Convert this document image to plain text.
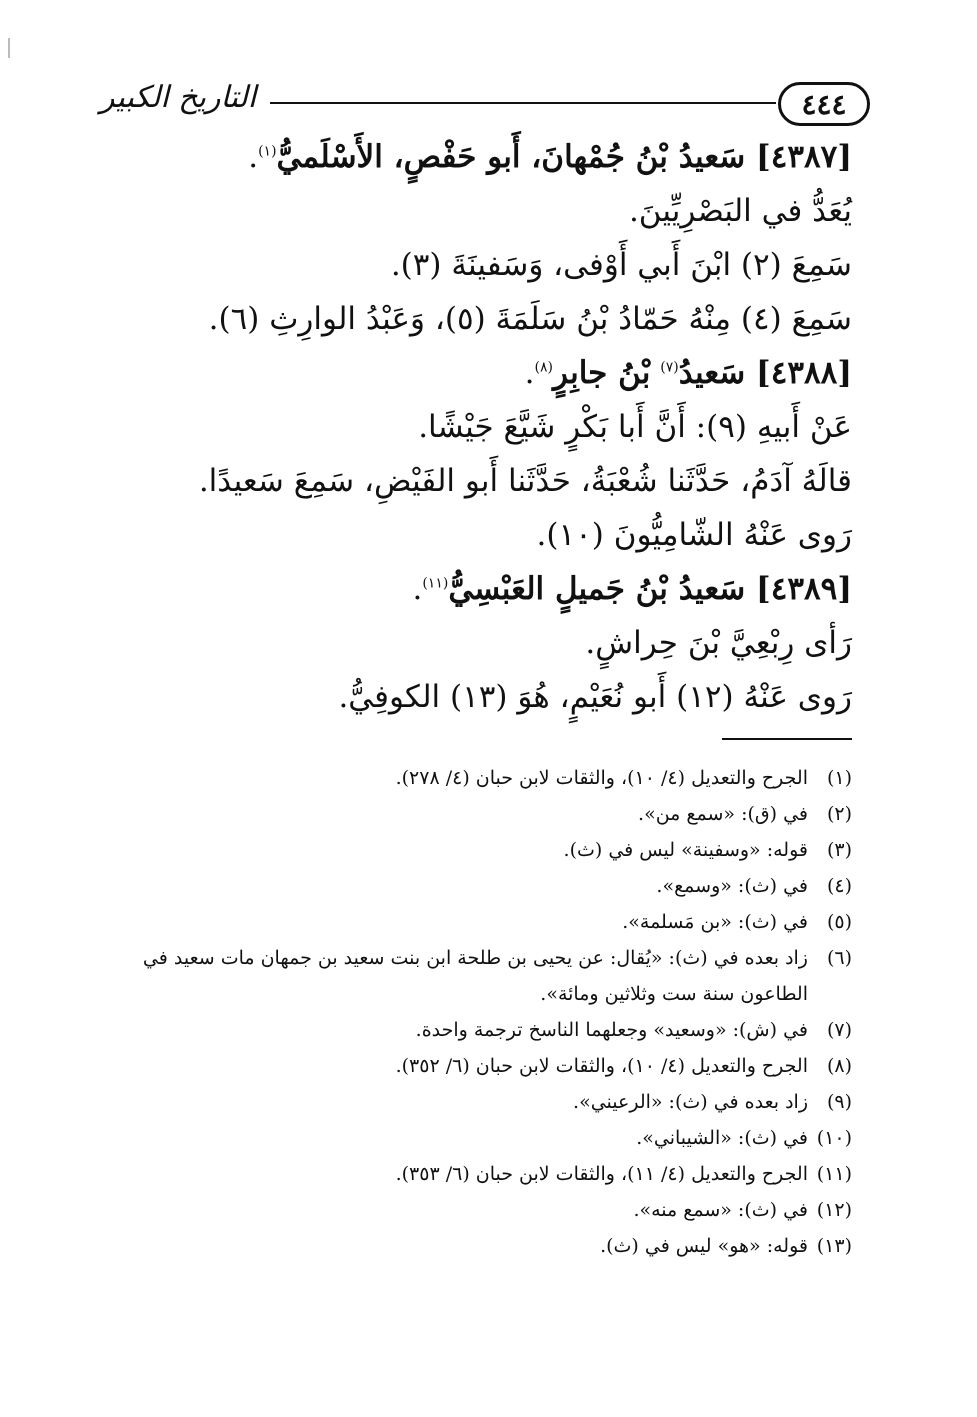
٤٤٤
التاريخ الكبير
[٤٣٨٧] سَعيدُ بْنُ جُمْهانَ، أَبو حَفْصٍ، الأَسْلَميُّ$^{(١)}$.
يُعَدُّ في البَصْرِيِّينَ.
سَمِعَ (٢) ابْنَ أَبي أَوْفى، وَسَفينَةَ (٣).
سَمِعَ (٤) مِنْهُ حَمّادُ بْنُ سَلَمَةَ (٥)، وَعَبْدُ الوارِثِ (٦).
[٤٣٨٨] سَعيدُ$^{(٧)}$ بْنُ جابِرٍ$^{(٨)}$.
عَنْ أَبيهِ (٩): أَنَّ أَبا بَكْرٍ شَيَّعَ جَيْشًا.
قالَهُ آدَمُ، حَدَّثَنا شُعْبَةُ، حَدَّثَنا أَبو الفَيْضِ، سَمِعَ سَعيدًا.
رَوى عَنْهُ الشّامِيُّونَ (١٠).
[٤٣٨٩] سَعيدُ بْنُ جَميلٍ العَبْسِيُّ$^{(١١)}$.
رَأى رِبْعِيَّ بْنَ حِراشٍ.
رَوى عَنْهُ (١٢) أَبو نُعَيْمٍ، هُوَ (١٣) الكوفِيُّ.
(١)
الجرح والتعديل (٤/ ١٠)، والثقات لابن حبان (٤/ ٢٧٨).
(٢)
في (ق): «سمع من».
(٣)
قوله: «وسفينة» ليس في (ث).
(٤)
في (ث): «وسمع».
(٥)
في (ث): «بن مَسلمة».
(٦)
زاد بعده في (ث): «يُقال: عن يحيى بن طلحة ابن بنت سعيد بن جمهان مات سعيد في
الطاعون سنة ست وثلاثين ومائة».
(٧)
في (ش): «وسعيد» وجعلهما الناسخ ترجمة واحدة.
(٨)
الجرح والتعديل (٤/ ١٠)، والثقات لابن حبان (٦/ ٣٥٢).
(٩)
زاد بعده في (ث): «الرعيني».
(١٠)
في (ث): «الشيباني».
(١١)
الجرح والتعديل (٤/ ١١)، والثقات لابن حبان (٦/ ٣٥٣).
(١٢)
في (ث): «سمع منه».
(١٣)
قوله: «هو» ليس في (ث).
